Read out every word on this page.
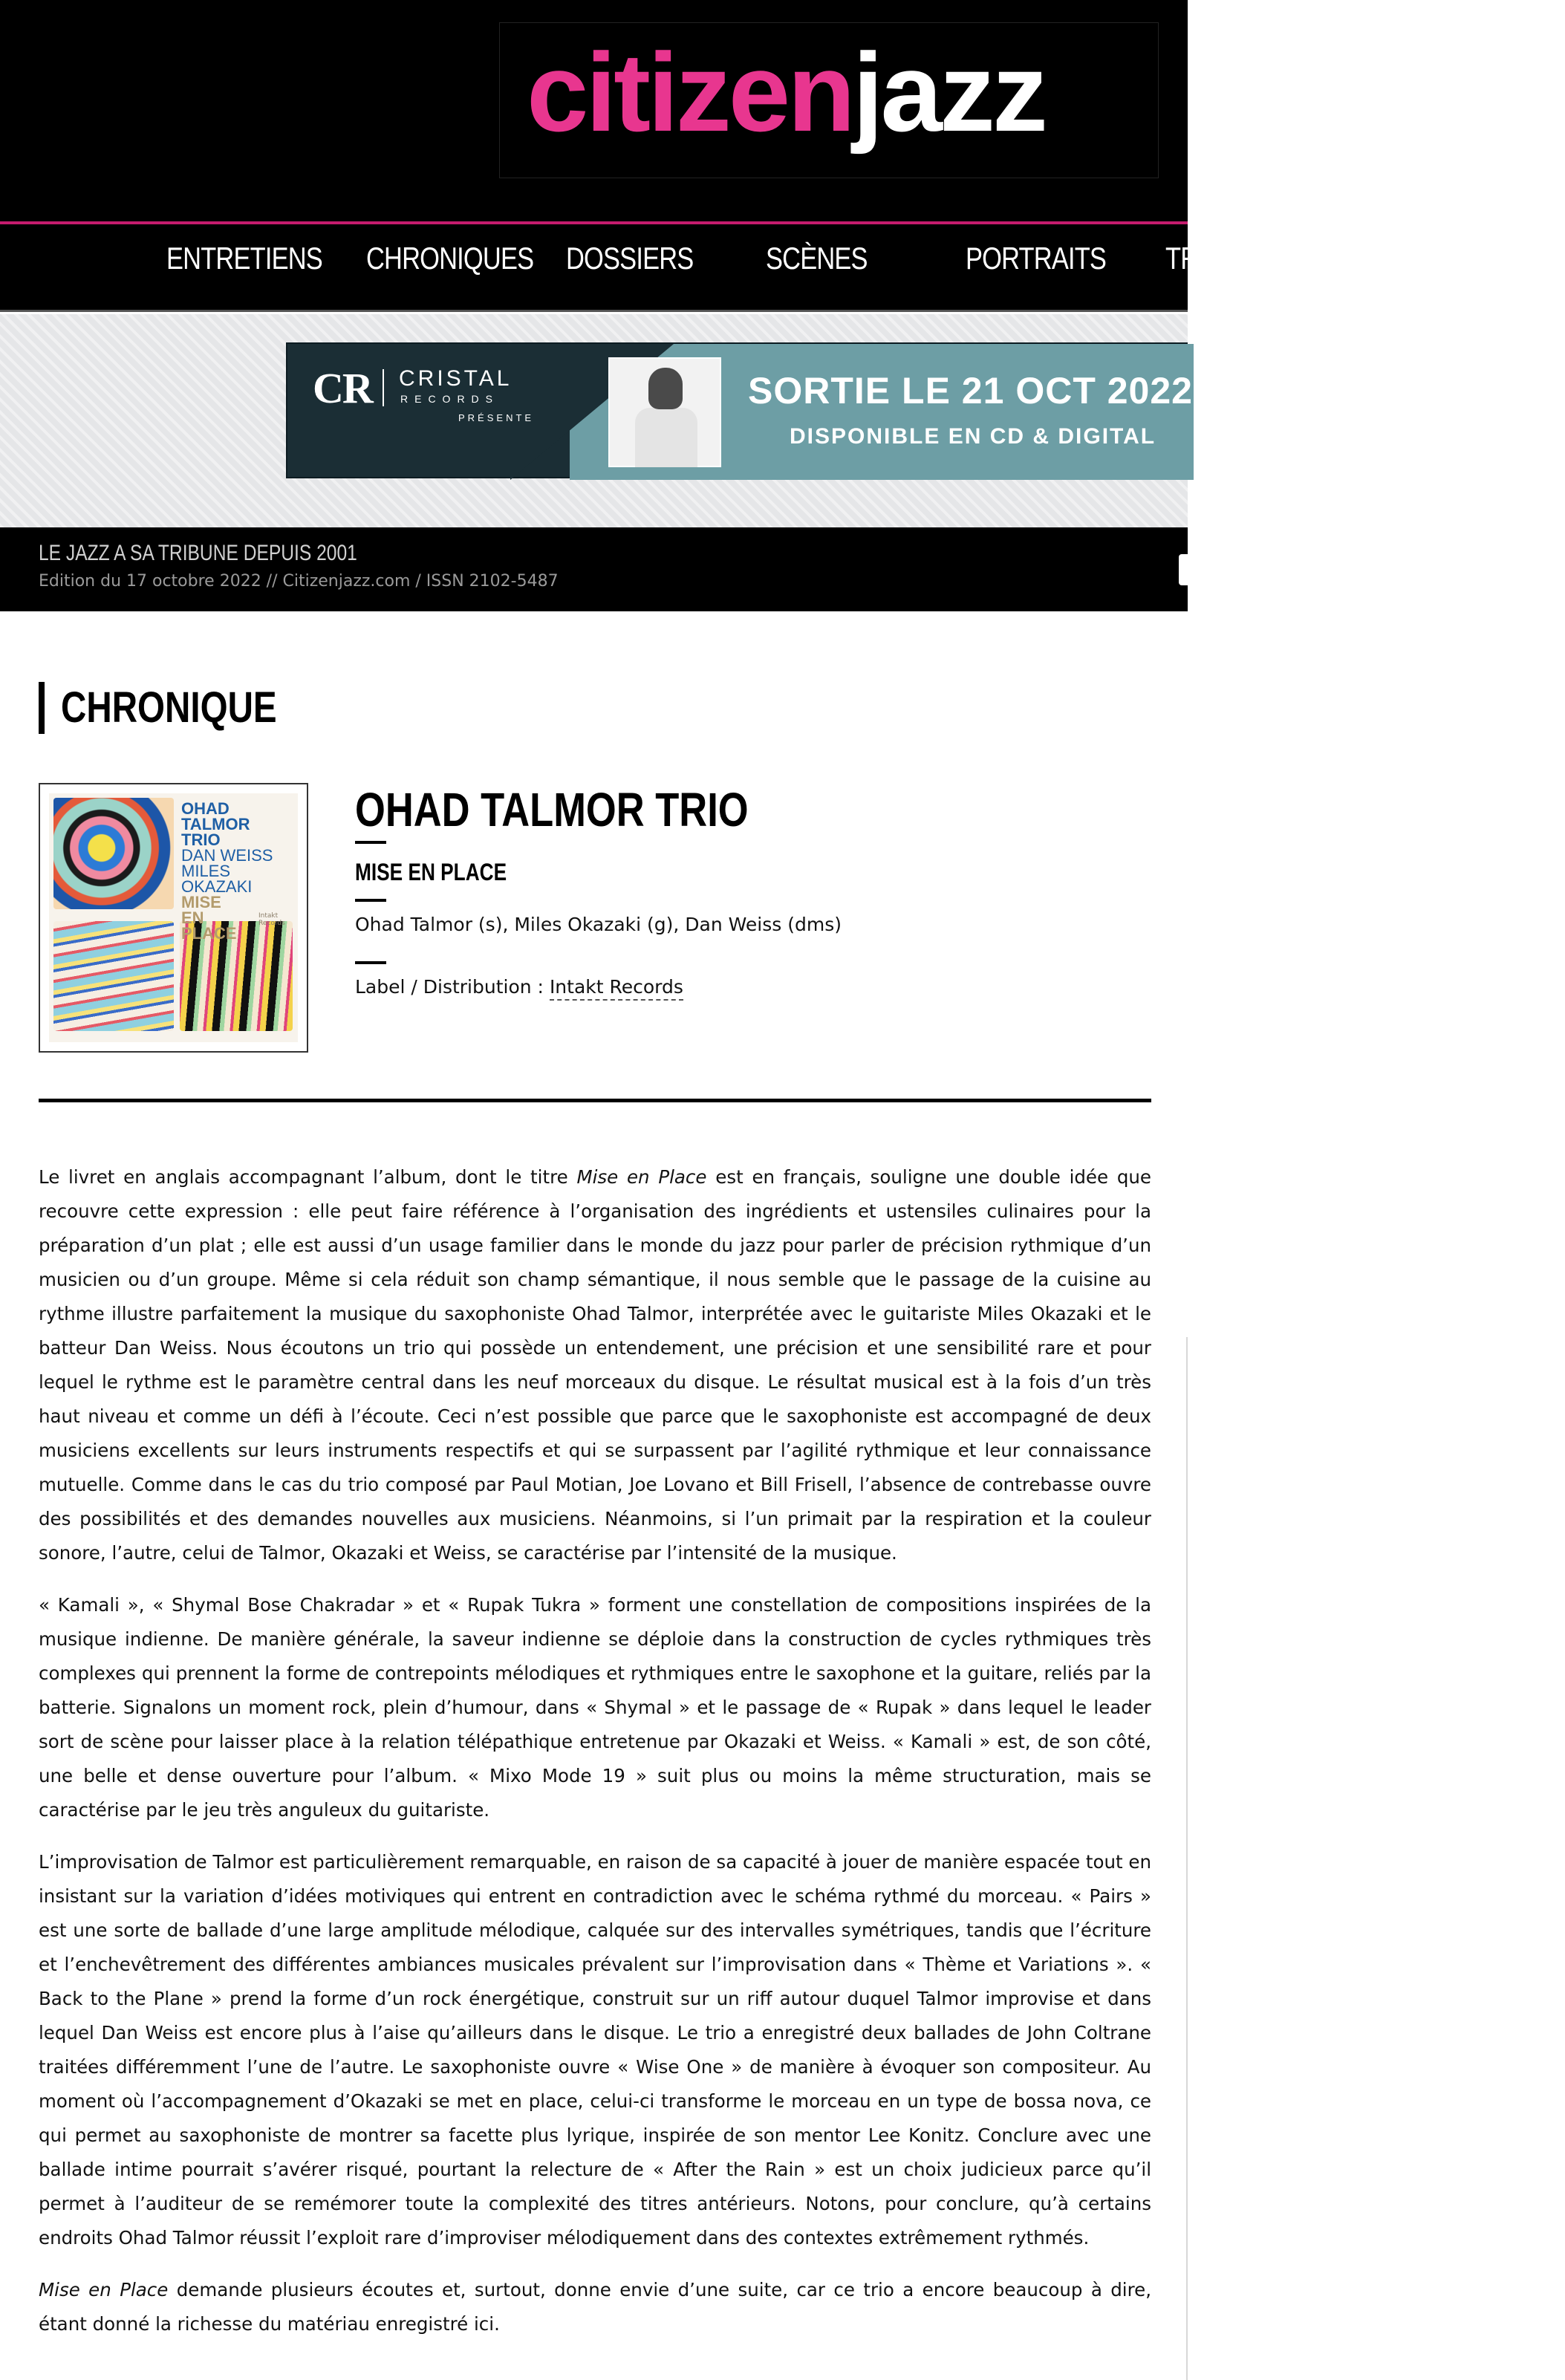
citizenjazz
ENTRETIENS	CHRONIQUES DOSSIERS	SCÈNES	PORTRAITS	TRIBUNES	PHO
CR CRISTAL
RECORDS
PRÉSENTE
SORTIE LE 21 OCT 2022
DISPONIBLE EN CD & DIGITAL
LE JAZZ A SA TRIBUNE DEPUIS 2001
Edition du 17 octobre 2022 // Citizenjazz.com / ISSN 2102-5487
CHRONIQUE
OHAD
TALMOR
TRIO
DAN WEISS
MILES OKAZAKI
MISE
EN
PLACE
Intakt Records
OHAD TALMOR TRIO
MISE EN PLACE
Ohad Talmor (s), Miles Okazaki (g), Dan Weiss (dms)
Label / Distribution : Intakt Records

Le livret en anglais accompagnant l’album, dont le titre Mise en Place est en français, souligne une double idée que recouvre cette expression : elle peut faire référence à l’organisation des ingrédients et ustensiles culinaires pour la préparation d’un plat ; elle est aussi d’un usage familier dans le monde du jazz pour parler de précision rythmique d’un musicien ou d’un groupe. Même si cela réduit son champ sémantique, il nous semble que le passage de la cuisine au rythme illustre parfaitement la musique du saxophoniste Ohad Talmor, interprétée avec le guitariste Miles Okazaki et le batteur Dan Weiss. Nous écoutons un trio qui possède un entendement, une précision et une sensibilité rare et pour lequel le rythme est le paramètre central dans les neuf morceaux du disque. Le résultat musical est à la fois d’un très haut niveau et comme un défi à l’écoute. Ceci n’est possible que parce que le saxophoniste est accompagné de deux musiciens excellents sur leurs instruments respectifs et qui se surpassent par l’agilité rythmique et leur connaissance mutuelle. Comme dans le cas du trio composé par Paul Motian, Joe Lovano et Bill Frisell, l’absence de contrebasse ouvre des possibilités et des demandes nouvelles aux musiciens. Néanmoins, si l’un primait par la respiration et la couleur sonore, l’autre, celui de Talmor, Okazaki et Weiss, se caractérise par l’intensité de la musique.

« Kamali », « Shymal Bose Chakradar » et « Rupak Tukra » forment une constellation de compositions inspirées de la musique indienne. De manière générale, la saveur indienne se déploie dans la construction de cycles rythmiques très complexes qui prennent la forme de contrepoints mélodiques et rythmiques entre le saxophone et la guitare, reliés par la batterie. Signalons un moment rock, plein d’humour, dans « Shymal » et le passage de « Rupak » dans lequel le leader sort de scène pour laisser place à la relation télépathique entretenue par Okazaki et Weiss. « Kamali » est, de son côté, une belle et dense ouverture pour l’album. « Mixo Mode 19 » suit plus ou moins la même structuration, mais se caractérise par le jeu très anguleux du guitariste.

L’improvisation de Talmor est particulièrement remarquable, en raison de sa capacité à jouer de manière espacée tout en insistant sur la variation d’idées motiviques qui entrent en contradiction avec le schéma rythmé du morceau. « Pairs » est une sorte de ballade d’une large amplitude mélodique, calquée sur des intervalles symétriques, tandis que l’écriture et l’enchevêtrement des différentes ambiances musicales prévalent sur l’improvisation dans « Thème et Variations ». « Back to the Plane » prend la forme d’un rock énergétique, construit sur un riff autour duquel Talmor improvise et dans lequel Dan Weiss est encore plus à l’aise qu’ailleurs dans le disque. Le trio a enregistré deux ballades de John Coltrane traitées différemment l’une de l’autre. Le saxophoniste ouvre « Wise One » de manière à évoquer son compositeur. Au moment où l’accompagnement d’Okazaki se met en place, celui-ci transforme le morceau en un type de bossa nova, ce qui permet au saxophoniste de montrer sa facette plus lyrique, inspirée de son mentor Lee Konitz. Conclure avec une ballade intime pourrait s’avérer risqué, pourtant la relecture de « After the Rain » est un choix judicieux parce qu’il permet à l’auditeur de se remémorer toute la complexité des titres antérieurs. Notons, pour conclure, qu’à certains endroits Ohad Talmor réussit l’exploit rare d’improviser mélodiquement dans des contextes extrêmement rythmés.

Mise en Place demande plusieurs écoutes et, surtout, donne envie d’une suite, car ce trio a encore beaucoup à dire, étant donné la richesse du matériau enregistré ici.
